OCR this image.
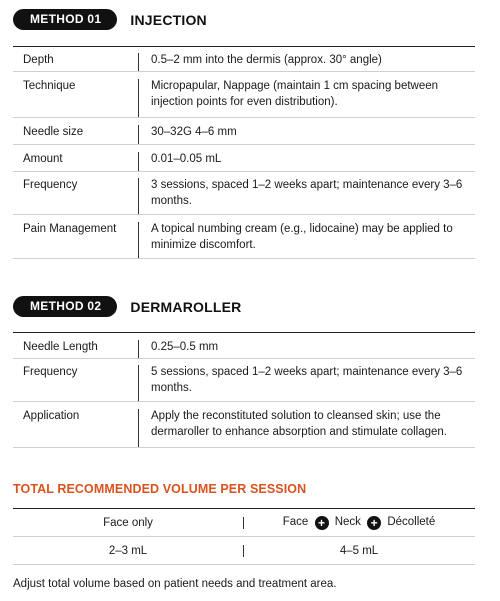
METHOD 01	INJECTION
Depth	0.5–2 mm into the dermis (approx. 30° angle)
Technique	Micropapular, Nappage (maintain 1 cm spacing between injection points for even distribution).
Needle size	30–32G 4–6 mm
Amount	0.01–0.05 mL
Frequency	3 sessions, spaced 1–2 weeks apart; maintenance every 3–6 months.
Pain Management	A topical numbing cream (e.g., lidocaine) may be applied to minimize discomfort.
METHOD 02	DERMAROLLER
Needle Length	0.25–0.5 mm
Frequency	5 sessions, spaced 1–2 weeks apart; maintenance every 3–6 months.
Application	Apply the reconstituted solution to cleansed skin; use the dermaroller to enhance absorption and stimulate collagen.
TOTAL RECOMMENDED VOLUME PER SESSION
Face only	Face + Neck + Décolleté
2–3 mL	4–5 mL
Adjust total volume based on patient needs and treatment area.
